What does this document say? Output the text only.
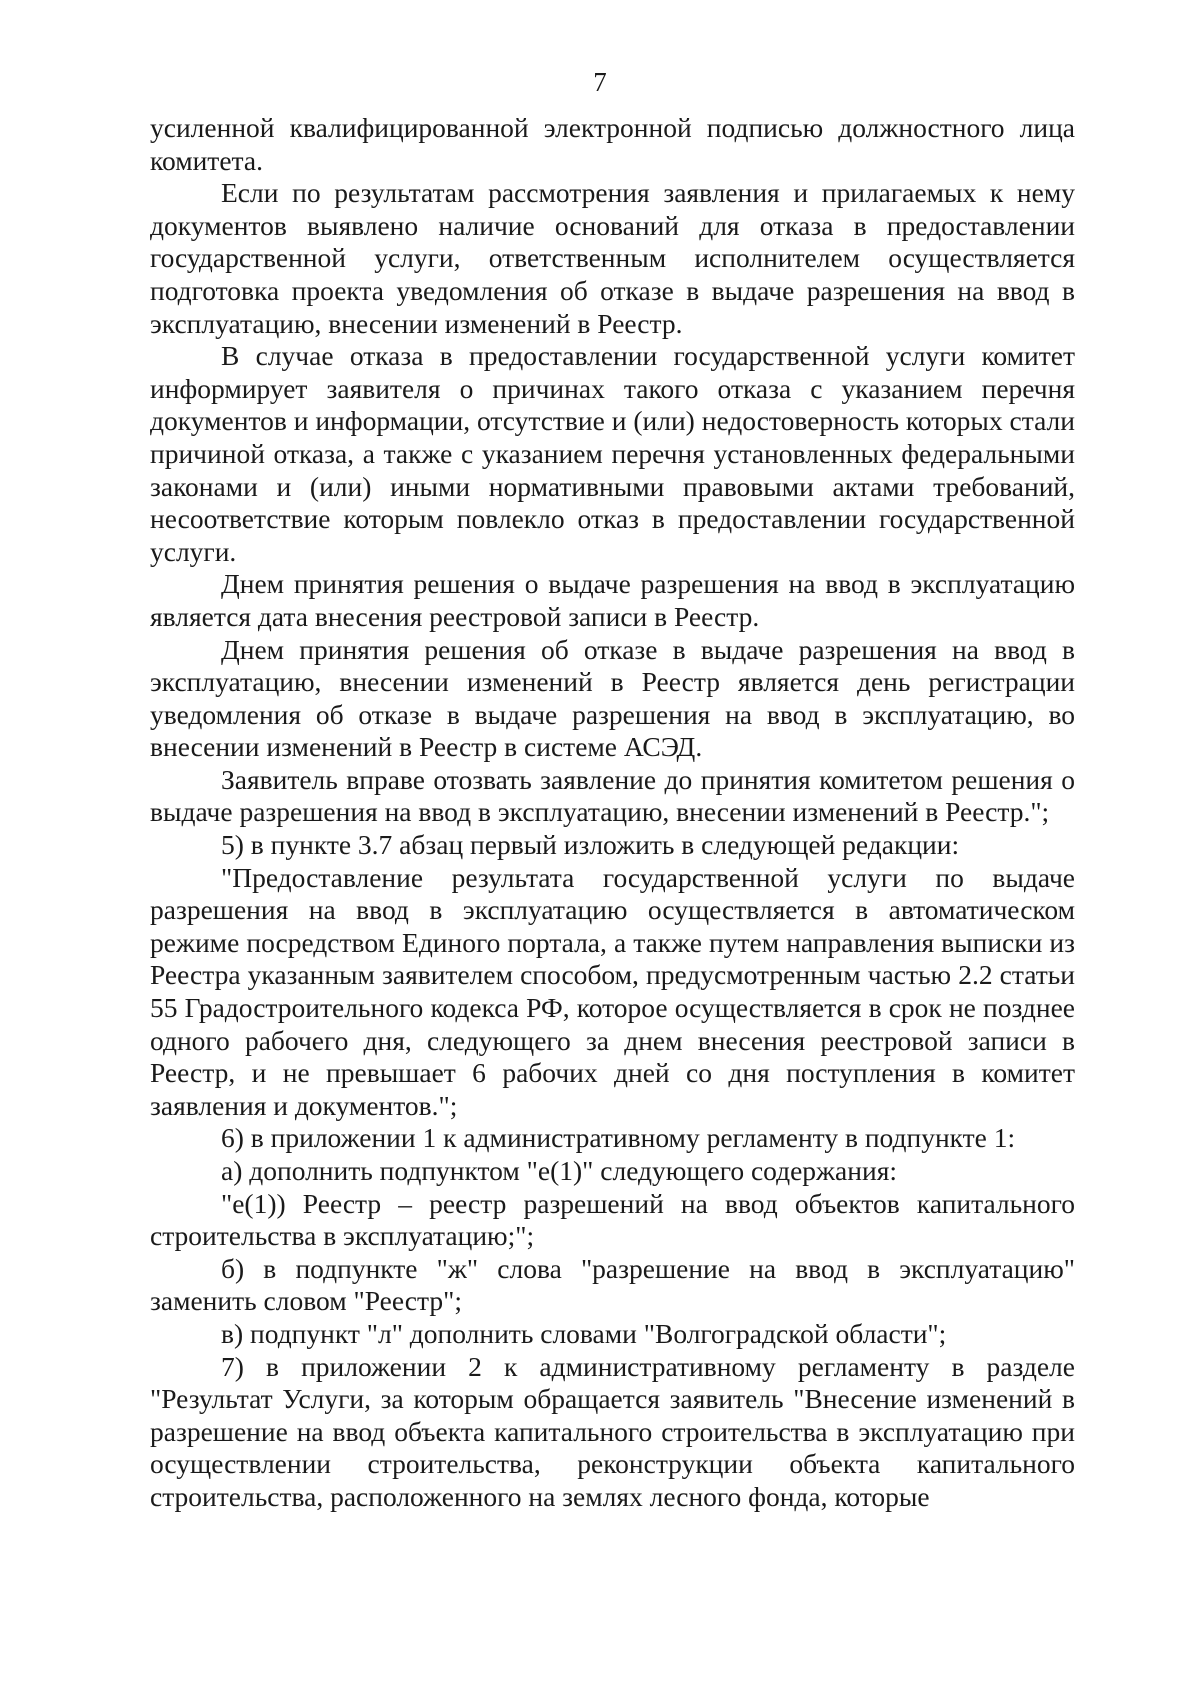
7

усиленной квалифицированной электронной подписью должностного лица комитета.

Если по результатам рассмотрения заявления и прилагаемых к нему документов выявлено наличие оснований для отказа в предоставлении государственной услуги, ответственным исполнителем осуществляется подготовка проекта уведомления об отказе в выдаче разрешения на ввод в эксплуатацию, внесении изменений в Реестр.

В случае отказа в предоставлении государственной услуги комитет информирует заявителя о причинах такого отказа с указанием перечня документов и информации, отсутствие и (или) недостоверность которых стали причиной отказа, а также с указанием перечня установленных федеральными законами и (или) иными нормативными правовыми актами требований, несоответствие которым повлекло отказ в предоставлении государственной услуги.

Днем принятия решения о выдаче разрешения на ввод в эксплуатацию является дата внесения реестровой записи в Реестр.

Днем принятия решения об отказе в выдаче разрешения на ввод в эксплуатацию, внесении изменений в Реестр является день регистрации уведомления об отказе в выдаче разрешения на ввод в эксплуатацию, во внесении изменений в Реестр в системе АСЭД.

Заявитель вправе отозвать заявление до принятия комитетом решения о выдаче разрешения на ввод в эксплуатацию, внесении изменений в Реестр.";

5) в пункте 3.7 абзац первый изложить в следующей редакции:

"Предоставление результата государственной услуги по выдаче разрешения на ввод в эксплуатацию осуществляется в автоматическом режиме посредством Единого портала, а также путем направления выписки из Реестра указанным заявителем способом, предусмотренным частью 2.2 статьи 55 Градостроительного кодекса РФ, которое осуществляется в срок не позднее одного рабочего дня, следующего за днем внесения реестровой записи в Реестр, и не превышает 6 рабочих дней со дня поступления в комитет заявления и документов.";

6) в приложении 1 к административному регламенту в подпункте 1:

а) дополнить подпунктом "е(1)" следующего содержания:

"е(1)) Реестр – реестр разрешений на ввод объектов капитального строительства в эксплуатацию;";

б) в подпункте "ж" слова "разрешение на ввод в эксплуатацию" заменить словом "Реестр";

в) подпункт "л" дополнить словами "Волгоградской области";

7) в приложении 2 к административному регламенту в разделе "Результат Услуги, за которым обращается заявитель "Внесение изменений в разрешение на ввод объекта капитального строительства в эксплуатацию при осуществлении строительства, реконструкции объекта капитального строительства, расположенного на землях лесного фонда, которые
